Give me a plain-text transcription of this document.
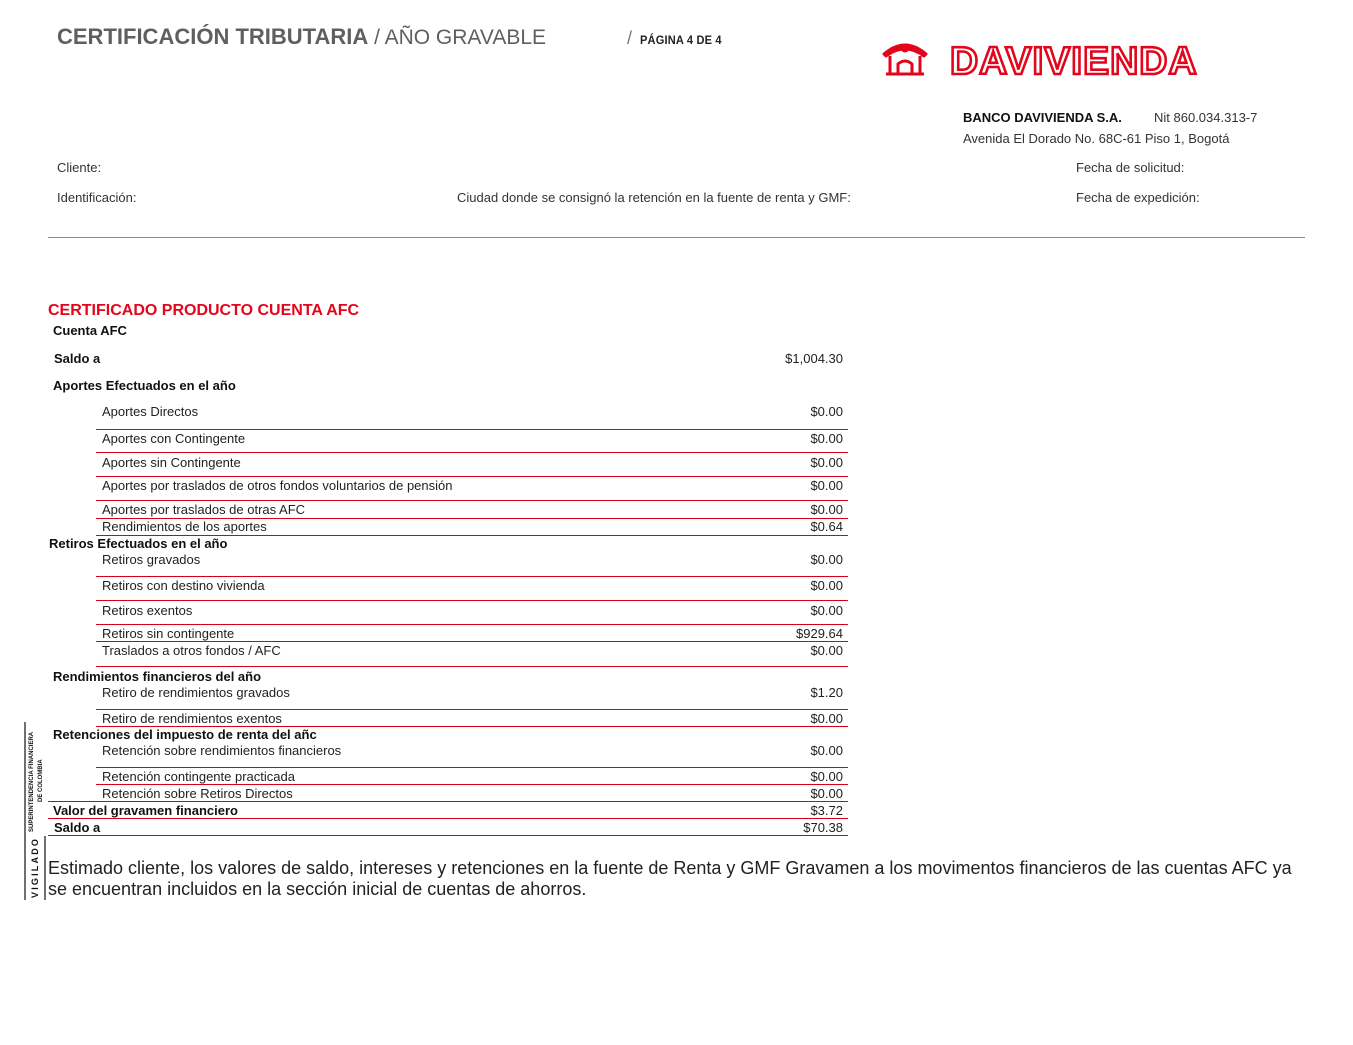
CERTIFICACIÓN TRIBUTARIA / AÑO GRAVABLE	/ PÁGINA 4 DE 4	DAVIVIENDA
BANCO DAVIVIENDA S.A. Nit 860.034.313-7
Avenida El Dorado No. 68C-61 Piso 1, Bogotá
Cliente:
Identificación:	Ciudad donde se consignó la retención en la fuente de renta y GMF:
Fecha de solicitud:
Fecha de expedición:
CERTIFICADO PRODUCTO CUENTA AFC
Cuenta AFC
Saldo a	$1,004.30
Aportes Efectuados en el año
Aportes Directos	$0.00
Aportes con Contingente	$0.00
Aportes sin Contingente	$0.00
Aportes por traslados de otros fondos voluntarios de pensión	$0.00
Aportes por traslados de otras AFC	$0.00
Rendimientos de los aportes	$0.64
Retiros Efectuados en el año
Retiros gravados	$0.00
Retiros con destino vivienda	$0.00
Retiros exentos	$0.00
Retiros sin contingente	$929.64
Traslados a otros fondos / AFC	$0.00
Rendimientos financieros del año
Retiro de rendimientos gravados	$1.20
Retiro de rendimientos exentos	$0.00
Retenciones del impuesto de renta del añc
Retención sobre rendimientos financieros	$0.00
Retención contingente practicada	$0.00
Retención sobre Retiros Directos	$0.00
Valor del gravamen financiero	$3.72
Saldo a	$70.38
VIGILADO
SUPERINTENDENCIA FINANCIERA DE COLOMBIA
Estimado cliente, los valores de saldo, intereses y retenciones en la fuente de Renta y GMF Gravamen a los movimentos financieros de las cuentas AFC ya se encuentran incluidos en la sección inicial de cuentas de ahorros.
